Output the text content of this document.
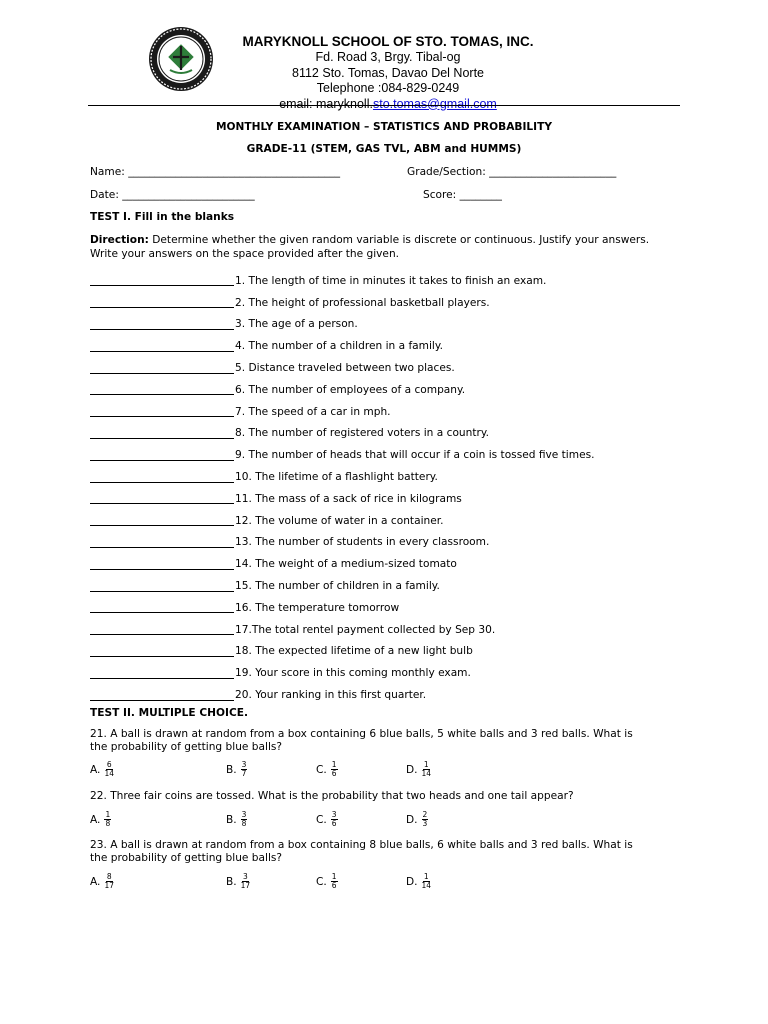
MARYKNOLL SCHOOL OF STO. TOMAS, INC.
Fd. Road 3, Brgy. Tibal-og
8112 Sto. Tomas, Davao Del Norte
Telephone :084-829-0249
email: maryknoll.sto.tomas@gmail.com
MONTHLY EXAMINATION – STATISTICS AND PROBABILITY
GRADE-11 (STEM, GAS TVL, ABM and HUMMS)
Name: ________________________________________	Grade/Section: ________________________
Date: _________________________	Score: ________
TEST I. Fill in the blanks
Direction: Determine whether the given random variable is discrete or continuous. Justify your answers.
Write your answers on the space provided after the given.
1. The length of time in minutes it takes to finish an exam.
2. The height of professional basketball players.
3. The age of a person.
4. The number of a children in a family.
5. Distance traveled between two places.
6. The number of employees of a company.
7. The speed of a car in mph.
8. The number of registered voters in a country.
9. The number of heads that will occur if a coin is tossed five times.
10. The lifetime of a flashlight battery.
11. The mass of a sack of rice in kilograms
12. The volume of water in a container.
13. The number of students in every classroom.
14. The weight of a medium-sized tomato
15. The number of children in a family.
16. The temperature tomorrow
17.The total rentel payment collected by Sep 30.
18. The expected lifetime of a new light bulb
19. Your score in this coming monthly exam.
20. Your ranking in this first quarter.
TEST II. MULTIPLE CHOICE.
21. A ball is drawn at random from a box containing 6 blue balls, 5 white balls and 3 red balls. What is
the probability of getting blue balls?
A. $\frac{6}{14}$	B. $\frac{3}{7}$	C. $\frac{1}{6}$	D. $\frac{1}{14}$
22. Three fair coins are tossed. What is the probability that two heads and one tail appear?
A. $\frac{1}{8}$	B. $\frac{3}{8}$	C. $\frac{3}{6}$	D. $\frac{2}{3}$
23. A ball is drawn at random from a box containing 8 blue balls, 6 white balls and 3 red balls. What is
the probability of getting blue balls?
A. $\frac{8}{17}$	B. $\frac{3}{17}$	C. $\frac{1}{6}$	D. $\frac{1}{14}$
